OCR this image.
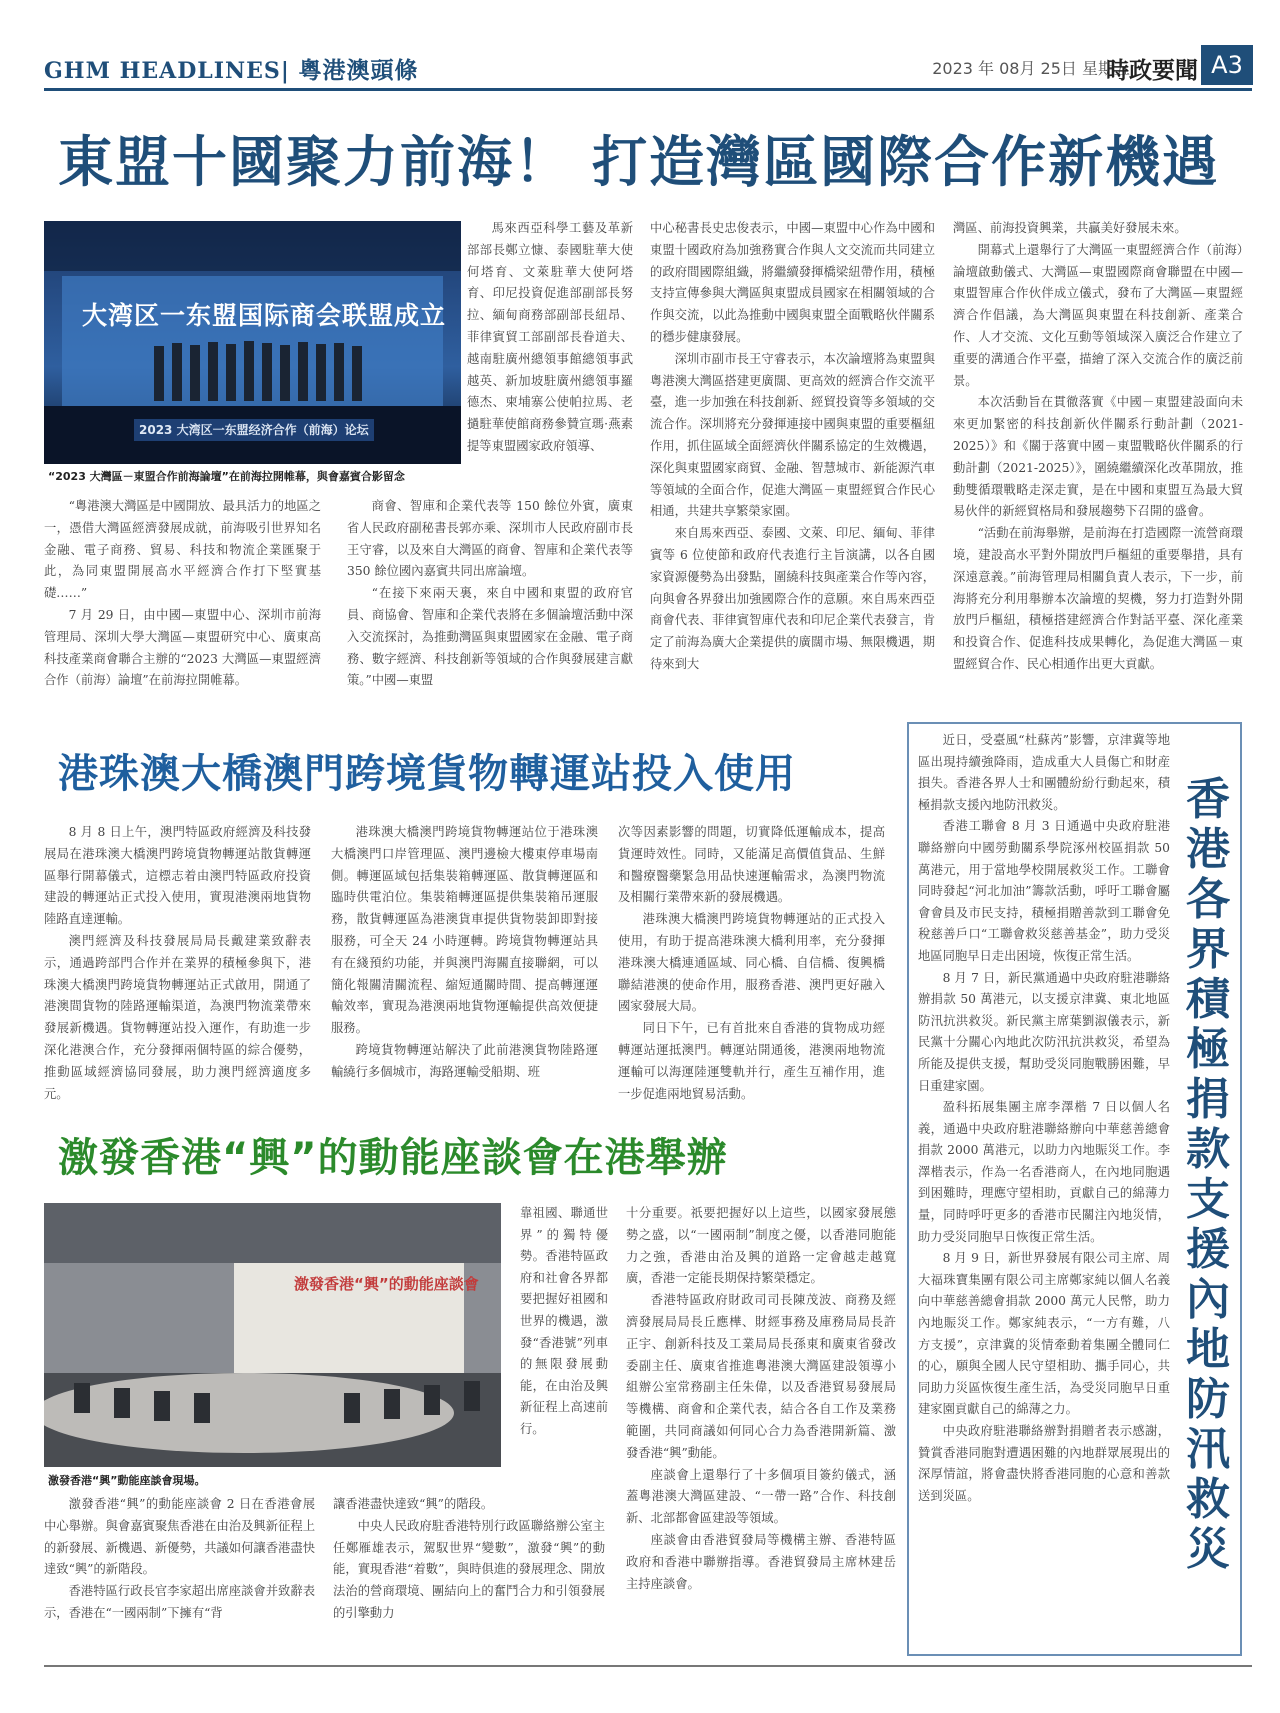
GHM HEADLINES| 粵港澳頭條	2023 年 08月 25日 星期五
時政要聞 A3
東盟十國聚力前海！ 打造灣區國際合作新機遇
大湾区一东盟国际商会联盟成立
2023 大湾区一东盟经济合作（前海）论坛
“2023 大灣區－東盟合作前海論壇”在前海拉開帷幕，與會嘉賓合影留念

“粵港澳大灣區是中國開放、最具活力的地區之一，憑借大灣區經濟發展成就，前海吸引世界知名金融、電子商務、貿易、科技和物流企業匯聚于此，為同東盟開展高水平經濟合作打下堅實基礎……”

7 月 29 日，由中國—東盟中心、深圳市前海管理局、深圳大學大灣區—東盟研究中心、廣東高科技產業商會聯合主辦的“2023 大灣區—東盟經濟合作（前海）論壇”在前海拉開帷幕。

馬來西亞科學工藝及革新部部長鄭立慷、泰國駐華大使何塔育、文萊駐華大使阿塔育、印尼投資促進部副部長努拉、緬甸商務部副部長紐昂、菲律賓貿工部副部長眷道夫、越南駐廣州總領事館總領事武越英、新加坡駐廣州總領事羅德杰、柬埔寨公使帕拉馬、老撾駐華使館商務參贊宣瑪·燕素提等東盟國家政府領導、

商會、智庫和企業代表等 150 餘位外賓，廣東省人民政府副秘書長郭亦乘、深圳市人民政府副市長王守睿，以及來自大灣區的商會、智庫和企業代表等 350 餘位國內嘉賓共同出席論壇。

“在接下來兩天裏，來自中國和東盟的政府官員、商協會、智庫和企業代表將在多個論壇活動中深入交流探討，為推動灣區與東盟國家在金融、電子商務、數字經濟、科技創新等領域的合作與發展建言獻策。”中國—東盟

中心秘書長史忠俊表示，中國—東盟中心作為中國和東盟十國政府為加強務實合作與人文交流而共同建立的政府間國際組織，將繼續發揮橋梁紐帶作用，積極支持宣傳參與大灣區與東盟成員國家在相關領域的合作與交流，以此為推動中國與東盟全面戰略伙伴關系的穩步健康發展。

深圳市副市長王守睿表示，本次論壇將為東盟與粵港澳大灣區搭建更廣闊、更高效的經濟合作交流平臺，進一步加強在科技創新、經貿投資等多領域的交流合作。深圳將充分發揮連接中國與東盟的重要樞紐作用，抓住區域全面經濟伙伴關系協定的生效機遇，深化與東盟國家商貿、金融、智慧城市、新能源汽車等領域的全面合作，促進大灣區－東盟經貿合作民心相通，共建共享繁榮家園。

來自馬來西亞、泰國、文萊、印尼、緬甸、菲律賓等 6 位使節和政府代表進行主旨演講，以各自國家資源優勢為出發點，圍繞科技與產業合作等內容，向與會各界發出加強國際合作的意願。來自馬來西亞商會代表、菲律賓智庫代表和印尼企業代表發言，肯定了前海為廣大企業提供的廣闊市場、無限機遇，期待來到大

灣區、前海投資興業，共贏美好發展未來。

開幕式上還舉行了大灣區一東盟經濟合作（前海）論壇啟動儀式、大灣區—東盟國際商會聯盟在中國—東盟智庫合作伙伴成立儀式，發布了大灣區—東盟經濟合作倡議，為大灣區與東盟在科技創新、產業合作、人才交流、文化互動等領域深入廣泛合作建立了重要的溝通合作平臺，描繪了深入交流合作的廣泛前景。

本次活動旨在貫徹落實《中國－東盟建設面向未來更加緊密的科技創新伙伴關系行動計劃（2021-2025）》和《關于落實中國－東盟戰略伙伴關系的行動計劃（2021-2025）》，圍繞繼續深化改革開放，推動雙循環戰略走深走實，是在中國和東盟互為最大貿易伙伴的新經貿格局和發展趨勢下召開的盛會。

“活動在前海舉辦，是前海在打造國際一流營商環境，建設高水平對外開放門戶樞紐的重要舉措，具有深遠意義。”前海管理局相關負責人表示，下一步，前海將充分利用舉辦本次論壇的契機，努力打造對外開放門戶樞紐，積極搭建經濟合作對話平臺、深化產業和投資合作、促進科技成果轉化，為促進大灣區－東盟經貿合作、民心相通作出更大貢獻。

港珠澳大橋澳門跨境貨物轉運站投入使用

8 月 8 日上午，澳門特區政府經濟及科技發展局在港珠澳大橋澳門跨境貨物轉運站散貨轉運區舉行開幕儀式，這標志着由澳門特區政府投資建設的轉運站正式投入使用，實現港澳兩地貨物陸路直達運輸。

澳門經濟及科技發展局局長戴建業致辭表示，通過跨部門合作并在業界的積極參與下，港珠澳大橋澳門跨境貨物轉運站正式啟用，開通了港澳間貨物的陸路運輸渠道，為澳門物流業帶來發展新機遇。貨物轉運站投入運作，有助進一步深化港澳合作，充分發揮兩個特區的綜合優勢，推動區域經濟協同發展，助力澳門經濟適度多元。

港珠澳大橋澳門跨境貨物轉運站位于港珠澳大橋澳門口岸管理區、澳門邊檢大樓東停車場南側。轉運區域包括集裝箱轉運區、散貨轉運區和臨時供電泊位。集裝箱轉運區提供集裝箱吊運服務，散貨轉運區為港澳貨車提供貨物裝卸即對接服務，可全天 24 小時運轉。跨境貨物轉運站具有在綫預約功能，并與澳門海關直接聯網，可以簡化報關清關流程、縮短通關時間、提高轉運運輸效率，實現為港澳兩地貨物運輸提供高效便捷服務。

跨境貨物轉運站解決了此前港澳貨物陸路運輸繞行多個城市，海路運輸受船期、班

次等因素影響的問題，切實降低運輸成本，提高貨運時效性。同時，又能滿足高價值貨品、生鮮和醫療醫藥緊急用品快速運輸需求，為澳門物流及相關行業帶來新的發展機遇。

港珠澳大橋澳門跨境貨物轉運站的正式投入使用，有助于提高港珠澳大橋利用率，充分發揮港珠澳大橋連通區域、同心橋、自信橋、復興橋聯結港澳的使命作用，服務香港、澳門更好融入國家發展大局。

同日下午，已有首批來自香港的貨物成功經轉運站運抵澳門。轉運站開通後，港澳兩地物流運輸可以海運陸運雙軌并行，產生互補作用，進一步促進兩地貿易活動。

激發香港“興”的動能座談會在港舉辦
激發香港“興”的動能座談會
激發香港“興”動能座談會現場。

靠祖國、聯通世界”的獨特優勢。香港特區政府和社會各界都要把握好祖國和世界的機遇，激發“香港號”列車的無限發展動能，在由治及興新征程上高速前行。

激發香港“興”的動能座談會 2 日在香港會展中心舉辦。與會嘉賓聚焦香港在由治及興新征程上的新發展、新機遇、新優勢，共議如何讓香港盡快達致“興”的新階段。

香港特區行政長官李家超出席座談會并致辭表示，香港在“一國兩制”下擁有“背

讓香港盡快達致“興”的階段。

中央人民政府駐香港特別行政區聯絡辦公室主任鄭雁雄表示，駕馭世界“變數”，激發“興”的動能，實現香港“着數”，與時俱進的發展理念、開放法治的營商環境、團結向上的奮鬥合力和引領發展的引擎動力

十分重要。祇要把握好以上這些，以國家發展態勢之盛，以“一國兩制”制度之優，以香港同胞能力之強，香港由治及興的道路一定會越走越寬廣，香港一定能長期保持繁榮穩定。

香港特區政府財政司司長陳茂波、商務及經濟發展局局長丘應樺、財經事務及庫務局局長許正宇、創新科技及工業局局長孫東和廣東省發改委副主任、廣東省推進粵港澳大灣區建設領導小組辦公室常務副主任朱偉，以及香港貿易發展局等機構、商會和企業代表，結合各自工作及業務範圍，共同商議如何同心合力為香港開新篇、激發香港“興”動能。

座談會上還舉行了十多個項目簽約儀式，涵蓋粵港澳大灣區建設、“一帶一路”合作、科技創新、北部都會區建設等領域。

座談會由香港貿發局等機構主辦、香港特區政府和香港中聯辦指導。香港貿發局主席林建岳主持座談會。

近日，受臺風“杜蘇芮”影響，京津冀等地區出現持續強降雨，造成重大人員傷亡和財産損失。香港各界人士和團體紛紛行動起來，積極捐款支援內地防汛救災。

香港工聯會 8 月 3 日通過中央政府駐港聯絡辦向中國勞動關系學院涿州校區捐款 50 萬港元，用于當地學校開展救災工作。工聯會同時發起“河北加油”籌款活動，呼吁工聯會屬會會員及市民支持，積極捐贈善款到工聯會免稅慈善戶口“工聯會救災慈善基金”，助力受災地區同胞早日走出困境，恢復正常生活。

8 月 7 日，新民黨通過中央政府駐港聯絡辦捐款 50 萬港元，以支援京津冀、東北地區防汛抗洪救災。新民黨主席葉劉淑儀表示，新民黨十分關心內地此次防汛抗洪救災，希望為所能及提供支援，幫助受災同胞戰勝困難，早日重建家園。

盈科拓展集團主席李澤楷 7 日以個人名義，通過中央政府駐港聯絡辦向中華慈善總會捐款 2000 萬港元，以助力內地賑災工作。李澤楷表示，作為一名香港商人，在內地同胞遇到困難時，理應守望相助，貢獻自己的綿薄力量，同時呼吁更多的香港市民關注內地災情，助力受災同胞早日恢復正常生活。

8 月 9 日，新世界發展有限公司主席、周大福珠寶集團有限公司主席鄭家純以個人名義向中華慈善總會捐款 2000 萬元人民幣，助力內地賑災工作。鄭家純表示，“一方有難，八方支援”，京津冀的災情牽動着集團全體同仁的心，願與全國人民守望相助、攜手同心，共同助力災區恢復生產生活，為受災同胞早日重建家園貢獻自己的綿薄之力。

中央政府駐港聯絡辦對捐贈者表示感謝，贊賞香港同胞對遭遇困難的內地群眾展現出的深厚情誼，將會盡快將香港同胞的心意和善款送到災區。

香
港
各
界
積
極
捐
款
支
援
內
地
防
汛
救
災
